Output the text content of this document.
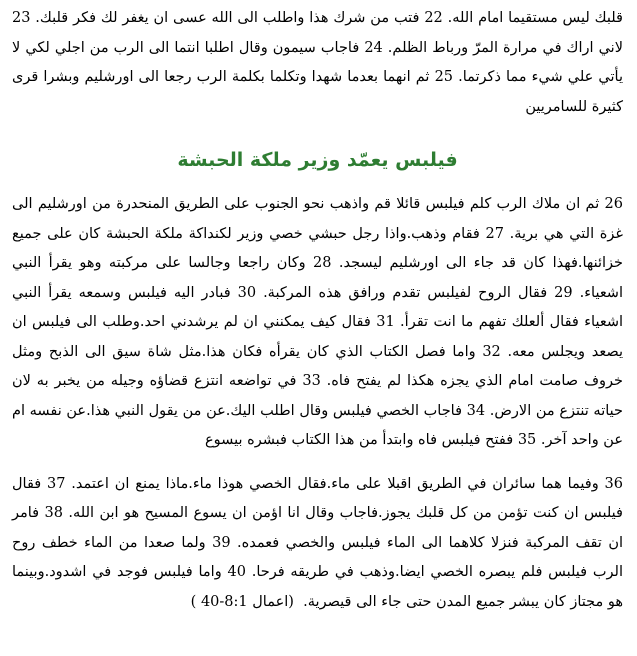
قلبك ليس مستقيما امام الله. 22 فتب من شرك هذا واطلب الى الله عسى ان يغفر لك فكر قلبك. 23 لاني اراك في مرارة المرّ ورباط الظلم. 24 فاجاب سيمون وقال اطلبا انتما الى الرب من اجلي لكي لا يأتي علي شيء مما ذكرتما. 25 ثم انهما بعدما شهدا وتكلما بكلمة الرب رجعا الى اورشليم وبشرا قرى كثيرة للسامريين

فيلبس يعمّد وزير ملكة الحبشة

26 ثم ان ملاك الرب كلم فيلبس قائلا قم واذهب نحو الجنوب على الطريق المنحدرة من اورشليم الى غزة التي هي برية. 27 فقام وذهب.واذا رجل حبشي خصي وزير لكنداكة ملكة الحبشة كان على جميع خزائنها.فهذا كان قد جاء الى اورشليم ليسجد. 28 وكان راجعا وجالسا على مركبته وهو يقرأ النبي اشعياء. 29 فقال الروح لفيلبس تقدم ورافق هذه المركبة. 30 فبادر اليه فيلبس وسمعه يقرأ النبي اشعياء فقال ألعلك تفهم ما انت تقرأ. 31 فقال كيف يمكنني ان لم يرشدني احد.وطلب الى فيلبس ان يصعد ويجلس معه. 32 واما فصل الكتاب الذي كان يقرأه فكان هذا.مثل شاة سيق الى الذبح ومثل خروف صامت امام الذي يجزه هكذا لم يفتح فاه. 33 في تواضعه انتزع قضاؤه وجيله من يخبر به لان حياته تنتزع من الارض. 34 فاجاب الخصي فيلبس وقال اطلب اليك.عن من يقول النبي هذا.عن نفسه ام عن واحد آخر. 35 ففتح فيلبس فاه وابتدأ من هذا الكتاب فبشره بيسوع

36 وفيما هما سائران في الطريق اقبلا على ماء.فقال الخصي هوذا ماء.ماذا يمنع ان اعتمد. 37 فقال فيلبس ان كنت تؤمن من كل قلبك يجوز.فاجاب وقال انا اؤمن ان يسوع المسيح هو ابن الله. 38 فامر ان تقف المركبة فنزلا كلاهما الى الماء فيلبس والخصي فعمده. 39 ولما صعدا من الماء خطف روح الرب فيلبس فلم يبصره الخصي ايضا.وذهب في طريقه فرحا. 40 واما فيلبس فوجد في اشدود.وبينما هو مجتاز كان يبشر جميع المدن حتى جاء الى قيصرية.  (اعمال 8:1-40 )
